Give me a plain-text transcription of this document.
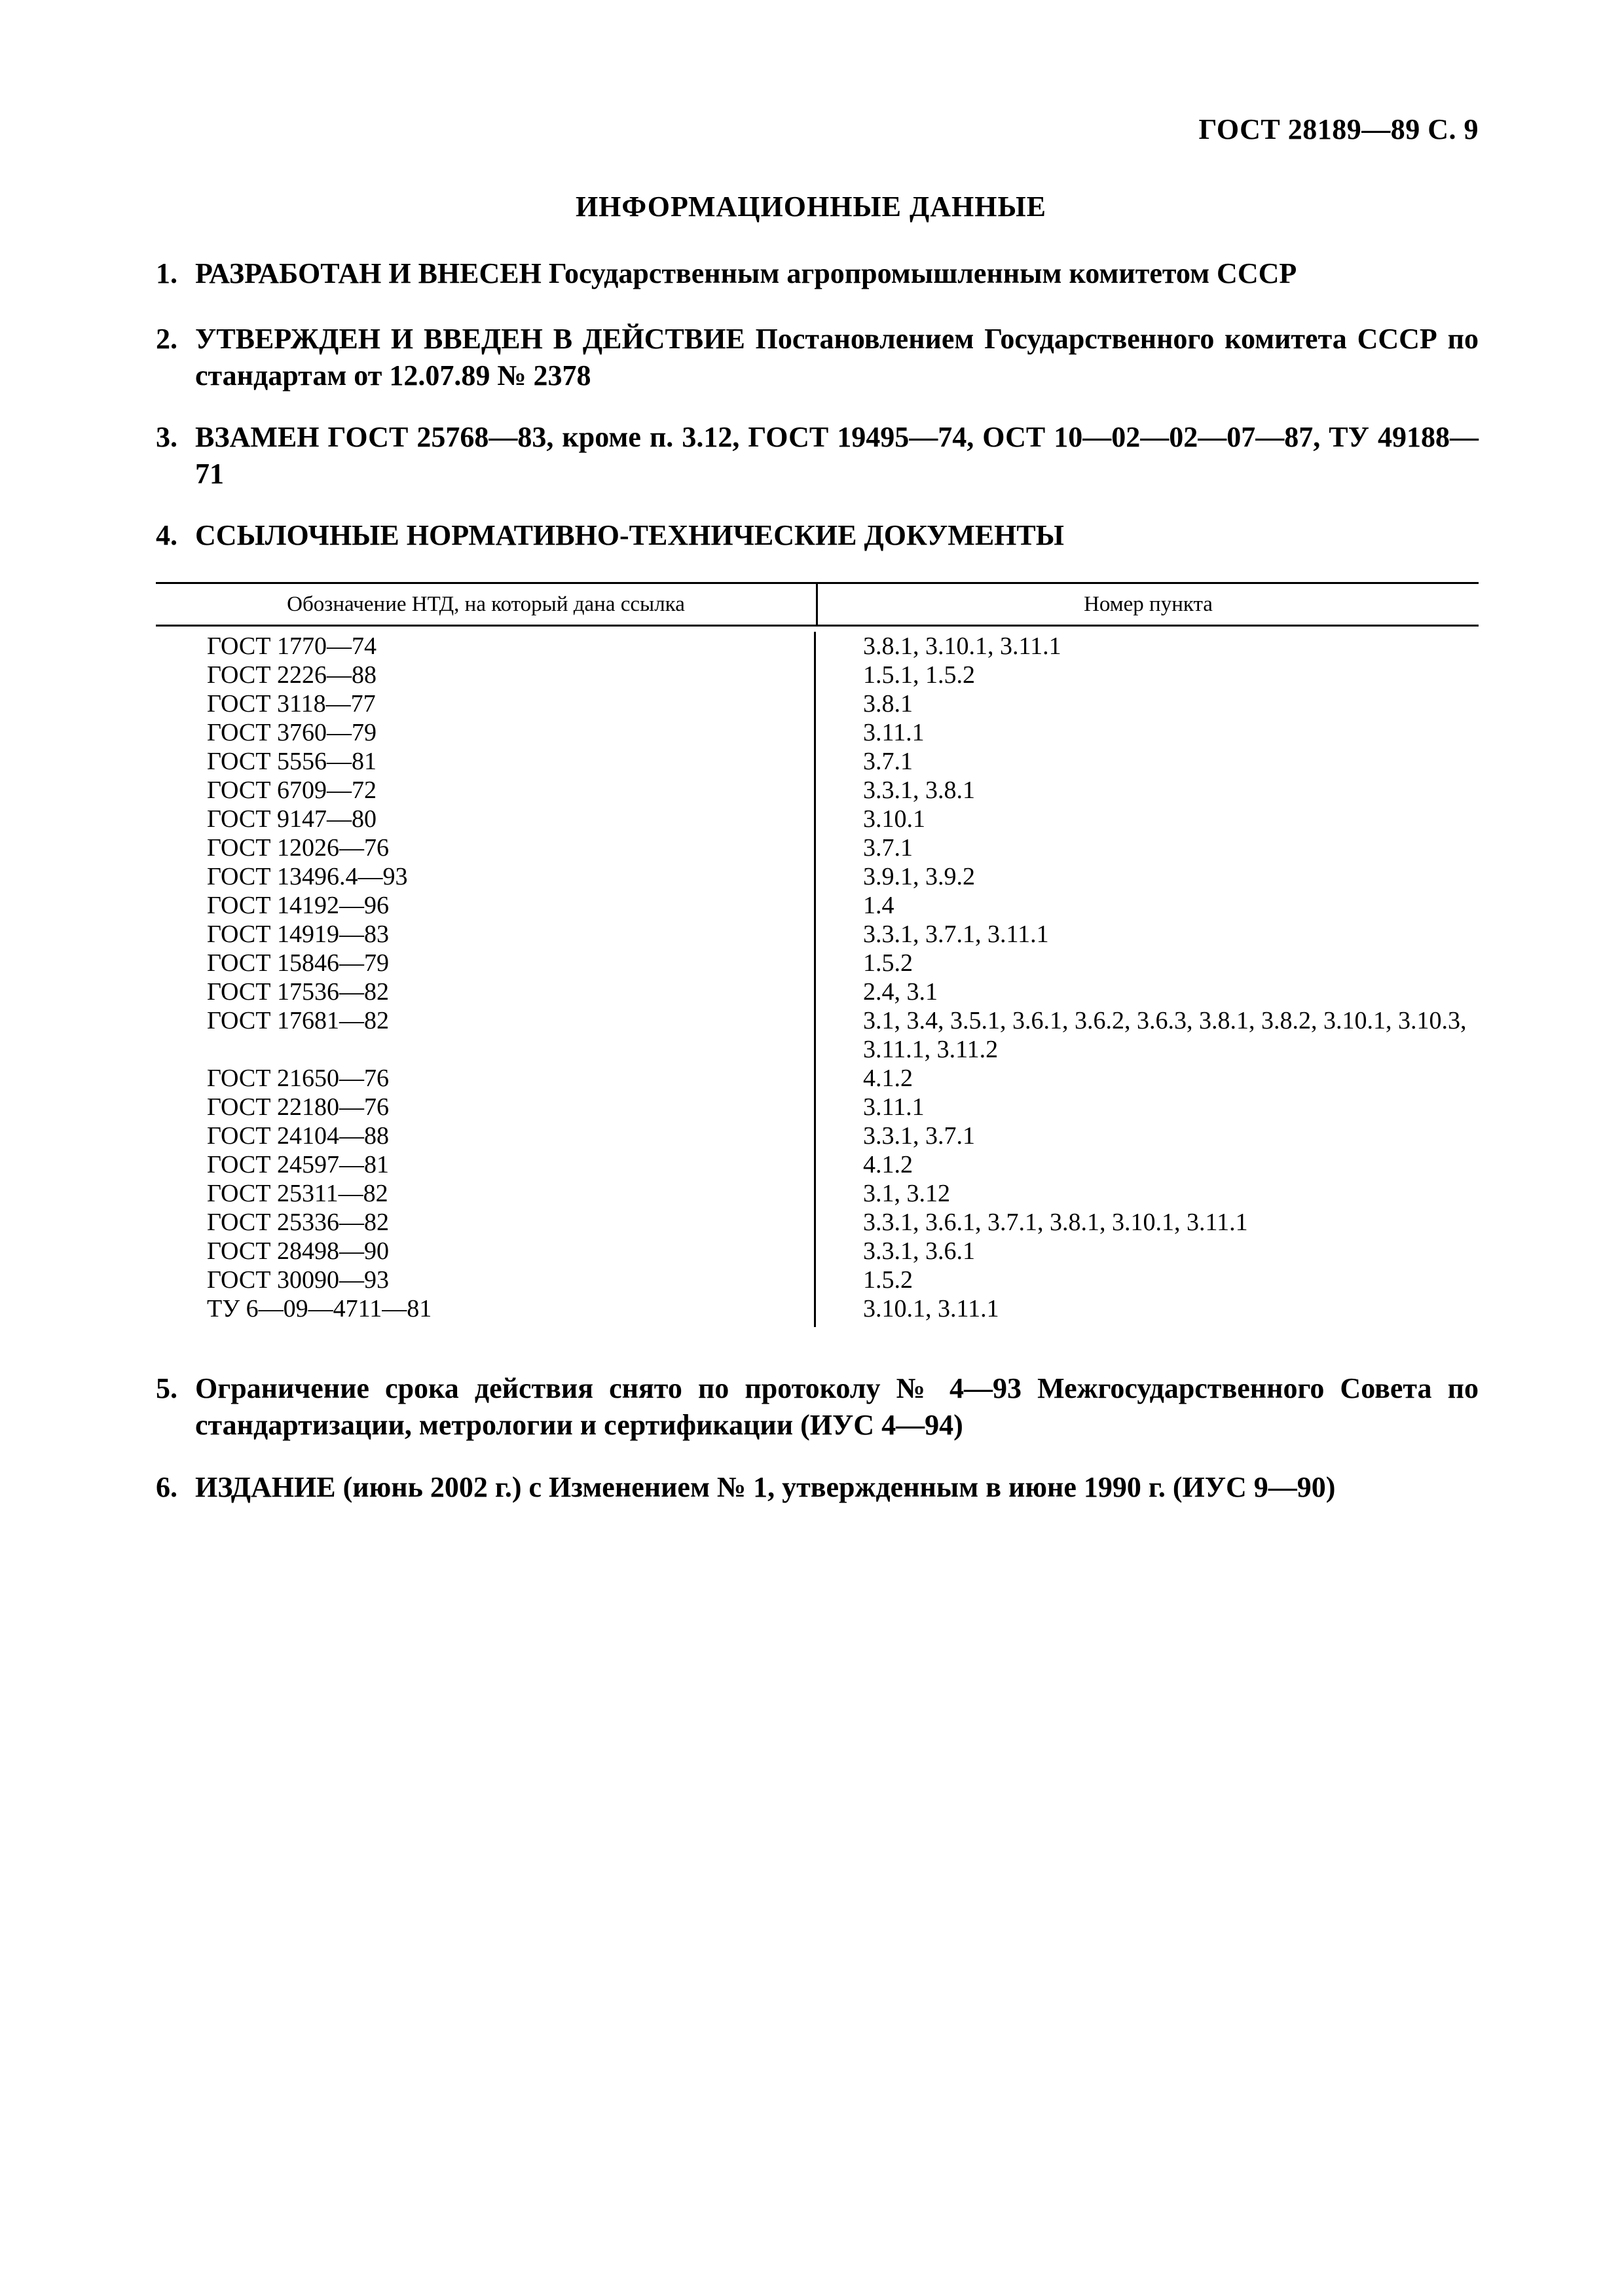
ГОСТ 28189—89 С. 9
ИНФОРМАЦИОННЫЕ ДАННЫЕ
1. РАЗРАБОТАН И ВНЕСЕН Государственным агропромышленным комитетом СССР
2. УТВЕРЖДЕН И ВВЕДЕН В ДЕЙСТВИЕ Постановлением Государственного комитета СССР по стандартам от 12.07.89 № 2378
3. ВЗАМЕН ГОСТ 25768—83, кроме п. 3.12, ГОСТ 19495—74, ОСТ 10—02—02—07—87, ТУ 49188—71
4. ССЫЛОЧНЫЕ НОРМАТИВНО-ТЕХНИЧЕСКИЕ ДОКУМЕНТЫ
Обозначение НТД, на который дана ссылка	Номер пункта
ГОСТ 1770—74	3.8.1, 3.10.1, 3.11.1
ГОСТ 2226—88	1.5.1, 1.5.2
ГОСТ 3118—77	3.8.1
ГОСТ 3760—79	3.11.1
ГОСТ 5556—81	3.7.1
ГОСТ 6709—72	3.3.1, 3.8.1
ГОСТ 9147—80	3.10.1
ГОСТ 12026—76	3.7.1
ГОСТ 13496.4—93	3.9.1, 3.9.2
ГОСТ 14192—96	1.4
ГОСТ 14919—83	3.3.1, 3.7.1, 3.11.1
ГОСТ 15846—79	1.5.2
ГОСТ 17536—82	2.4, 3.1
ГОСТ 17681—82	3.1, 3.4, 3.5.1, 3.6.1, 3.6.2, 3.6.3, 3.8.1, 3.8.2, 3.10.1, 3.10.3, 3.11.1, 3.11.2
ГОСТ 21650—76	4.1.2
ГОСТ 22180—76	3.11.1
ГОСТ 24104—88	3.3.1, 3.7.1
ГОСТ 24597—81	4.1.2
ГОСТ 25311—82	3.1, 3.12
ГОСТ 25336—82	3.3.1, 3.6.1, 3.7.1, 3.8.1, 3.10.1, 3.11.1
ГОСТ 28498—90	3.3.1, 3.6.1
ГОСТ 30090—93	1.5.2
ТУ 6—09—4711—81	3.10.1, 3.11.1
5. Ограничение срока действия снято по протоколу № 4—93 Межгосударственного Совета по стандартизации, метрологии и сертификации (ИУС 4—94)
6. ИЗДАНИЕ (июнь 2002 г.) с Изменением № 1, утвержденным в июне 1990 г. (ИУС 9—90)
